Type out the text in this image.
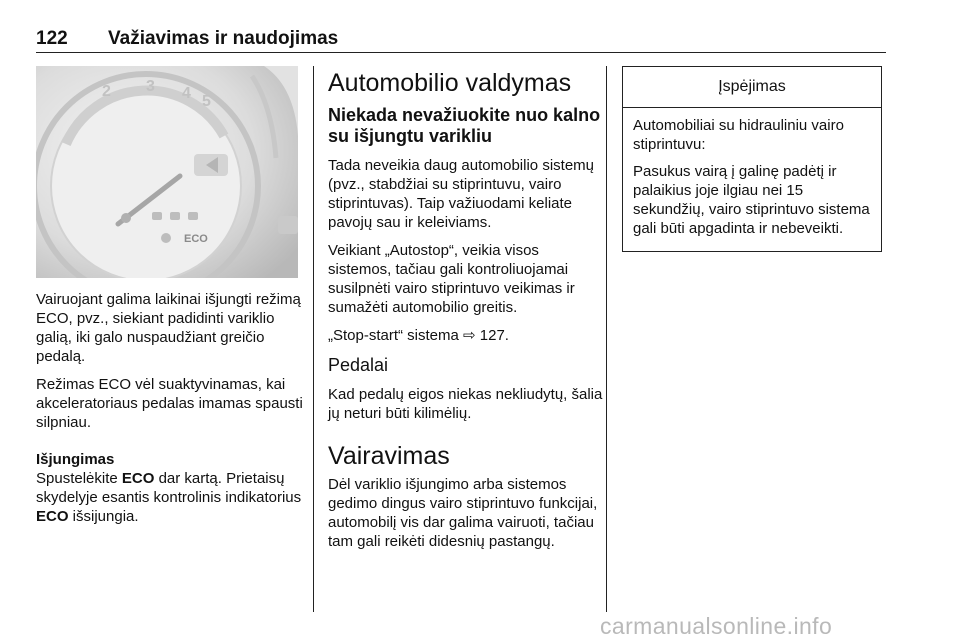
122 Važiavimas ir naudojimas
2 3 4 5
ECO

Vairuojant galima laikinai išjungti režimą ECO, pvz., siekiant padidinti variklio galią, iki galo nuspaudžiant greičio pedalą.

Režimas ECO vėl suaktyvinamas, kai akceleratoriaus pedalas imamas spausti silpniau.

Išjungimas

Spustelėkite ECO dar kartą. Prietaisų skydelyje esantis kontrolinis indikatorius ECO išsijungia.

Automobilio valdymas
Niekada nevažiuokite nuo kalno su išjungtu varikliu

Tada neveikia daug automobilio sistemų (pvz., stabdžiai su stiprintuvu, vairo stiprintuvas). Taip važiuodami keliate pavojų sau ir keleiviams.

Veikiant „Autostop“, veikia visos sistemos, tačiau gali kontroliuojamai susilpnėti vairo stiprintuvo veikimas ir sumažėti automobilio greitis.

„Stop-start“ sistema ⇨ 127.

Pedalai

Kad pedalų eigos niekas nekliudytų, šalia jų neturi būti kilimėlių.

Vairavimas

Dėl variklio išjungimo arba sistemos gedimo dingus vairo stiprintuvo funkcijai, automobilį vis dar galima vairuoti, tačiau tam gali reikėti didesnių pastangų.

Įspėjimas

Automobiliai su hidrauliniu vairo stiprintuvu:

Pasukus vairą į galinę padėtį ir palaikius joje ilgiau nei 15 sekundžių, vairo stiprintuvo sistema gali būti apgadinta ir nebeveikti.

carmanualsonline.info
